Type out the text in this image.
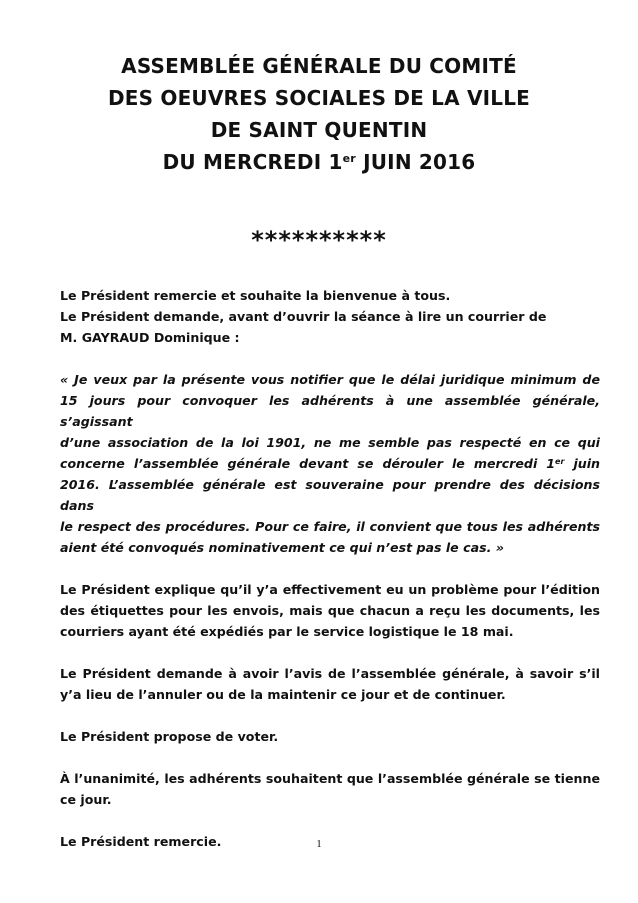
ASSEMBLÉE GÉNÉRALE DU COMITÉ
DES OEUVRES SOCIALES DE LA VILLE
DE SAINT QUENTIN
DU MERCREDI 1er JUIN 2016
**********

Le Président remercie et souhaite la bienvenue à tous.
Le Président demande, avant d’ouvrir la séance à lire un courrier de
M. GAYRAUD Dominique :

« Je veux par la présente vous notifier que le délai juridique minimum de
15 jours pour convoquer les adhérents à une assemblée générale, s’agissant
d’une association de la loi 1901, ne me semble pas respecté en ce qui
concerne l’assemblée générale devant se dérouler le mercredi 1er juin
2016. L’assemblée générale est souveraine pour prendre des décisions dans
le respect des procédures. Pour ce faire, il convient que tous les adhérents
aient été convoqués nominativement ce qui n’est pas le cas. »

Le Président explique qu’il y’a effectivement eu un problème pour l’édition
des étiquettes pour les envois, mais que chacun a reçu les documents, les
courriers ayant été expédiés par le service logistique le 18 mai.

Le Président demande à avoir l’avis de l’assemblée générale, à savoir s’il
y’a lieu de l’annuler ou de la maintenir ce jour et de continuer.

Le Président propose de voter.

À l’unanimité, les adhérents souhaitent que l’assemblée générale se tienne
ce jour.

Le Président remercie.	1
